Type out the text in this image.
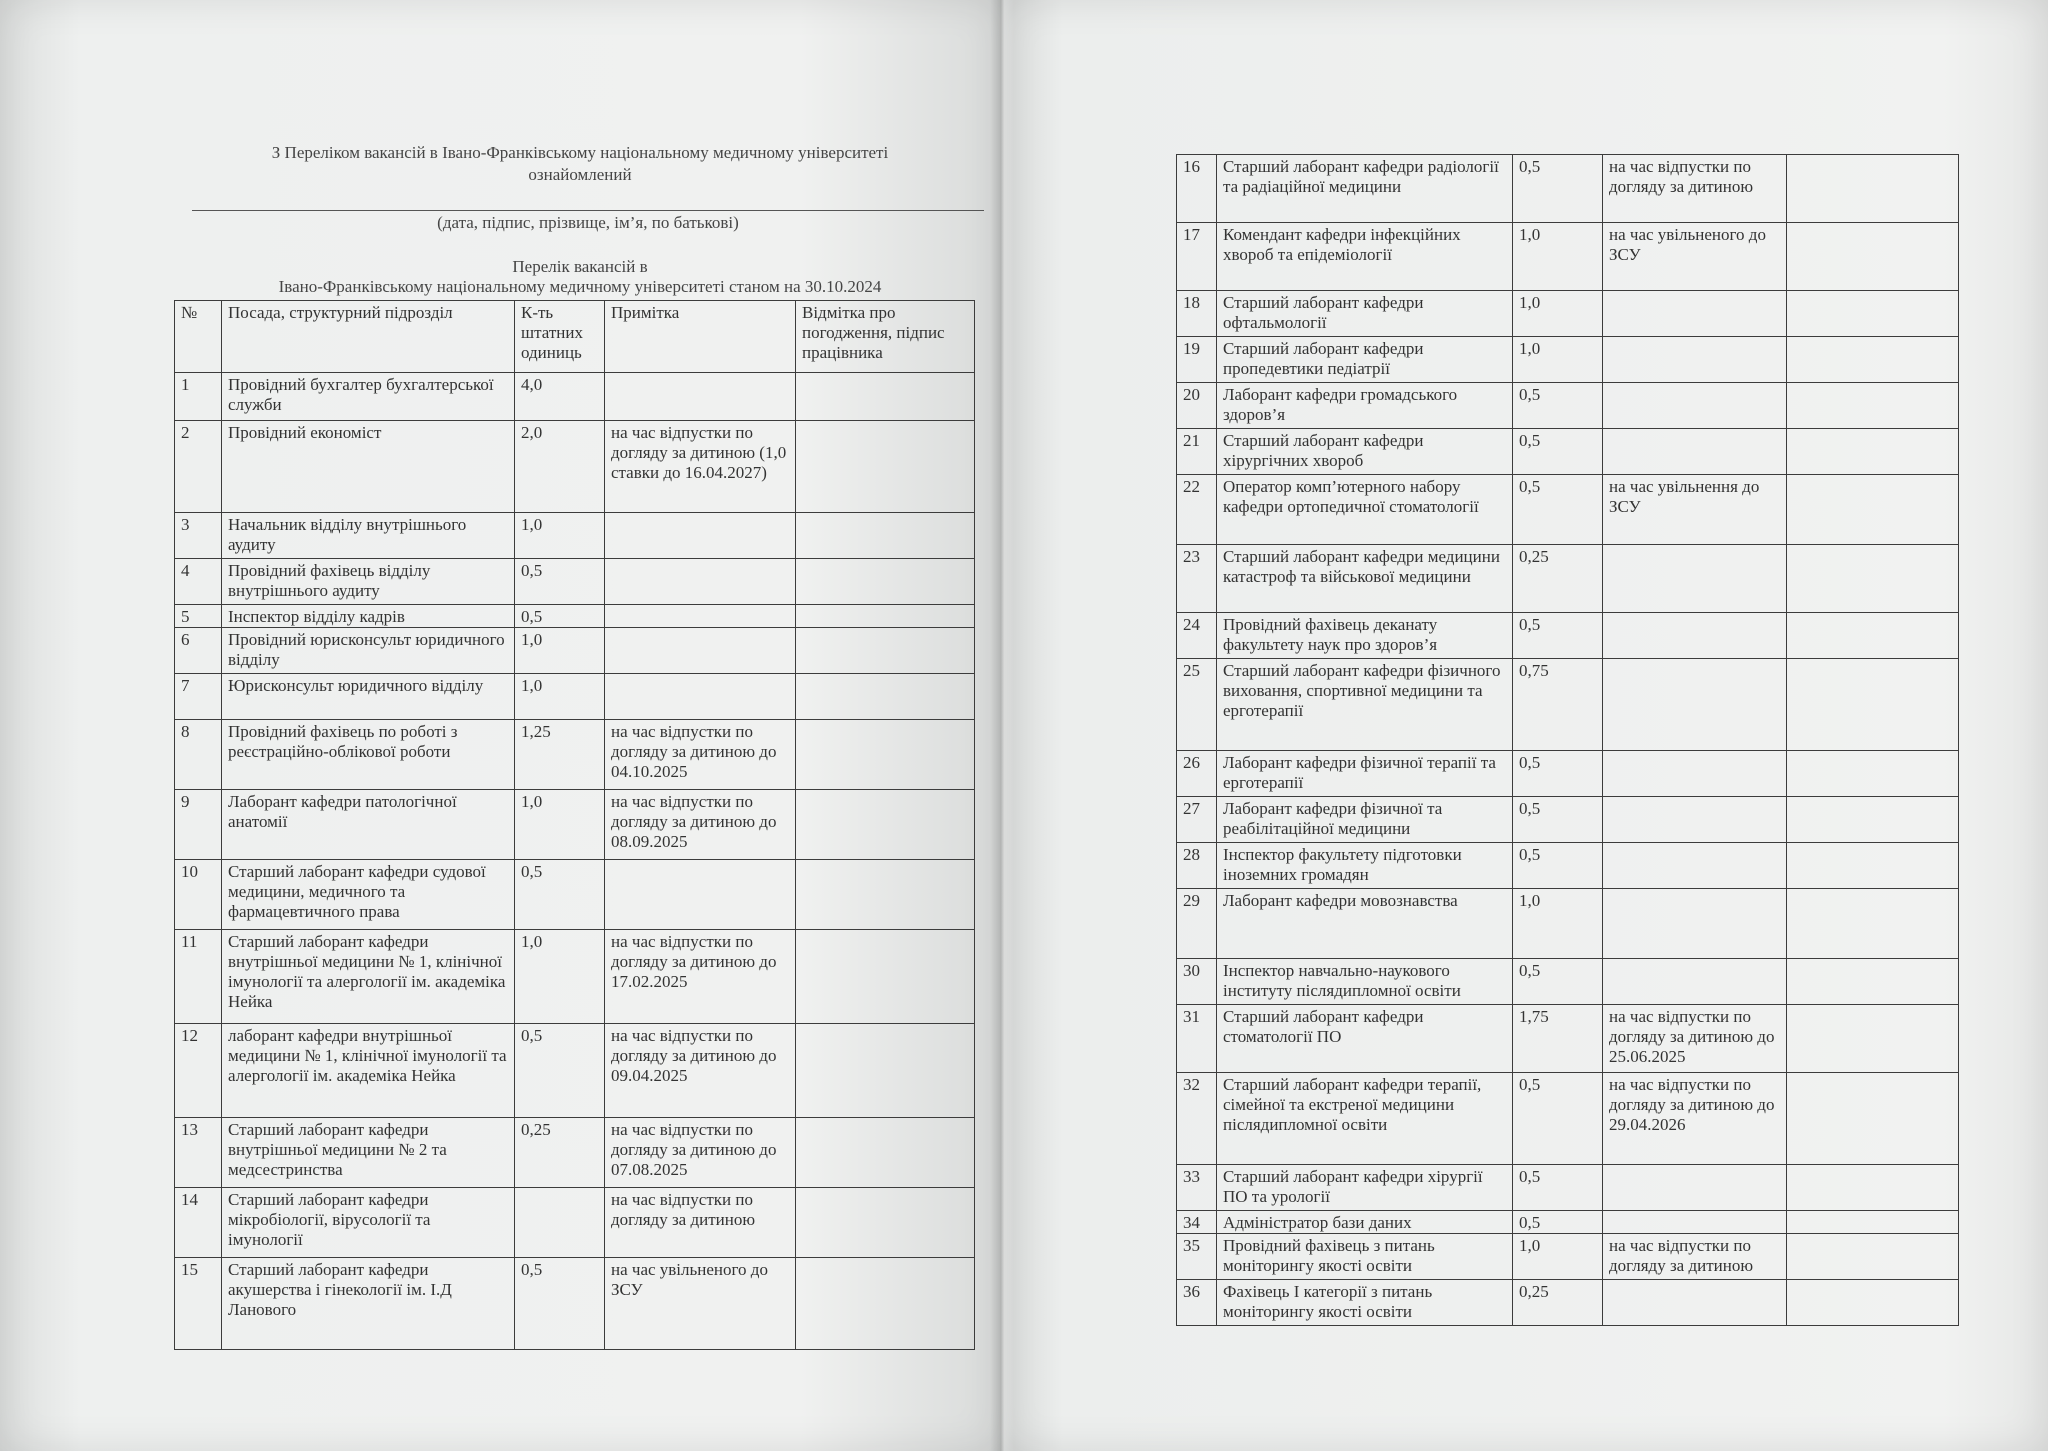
З Переліком вакансій в Івано-Франківському національному медичному університеті
ознайомлений
(дата, підпис, прізвище, ім’я, по батькові)
Перелік вакансій в
Івано-Франківському національному медичному університеті станом на 30.10.2024
№	Посада, структурний підрозділ	К-ть штатних одиниць	Примітка	Відмітка про погодження, підпис працівника
1	Провідний бухгалтер бухгалтерської служби	4,0		
2	Провідний економіст	2,0	на час відпустки по догляду за дитиною (1,0 ставки до 16.04.2027)	
3	Начальник відділу внутрішнього аудиту	1,0		
4	Провідний фахівець відділу внутрішнього аудиту	0,5		
5	Інспектор відділу кадрів	0,5		
6	Провідний юрисконсульт юридичного відділу	1,0		
7	Юрисконсульт юридичного відділу	1,0		
8	Провідний фахівець по роботі з реєстраційно-облікової роботи	1,25	на час відпустки по догляду за дитиною до 04.10.2025	
9	Лаборант кафедри патологічної анатомії	1,0	на час відпустки по догляду за дитиною до 08.09.2025	
10	Старший лаборант кафедри судової медицини, медичного та фармацевтичного права	0,5		
11	Старший лаборант кафедри внутрішньої медицини № 1, клінічної імунології та алергології ім. академіка Нейка	1,0	на час відпустки по догляду за дитиною до 17.02.2025	
12	лаборант кафедри внутрішньої медицини № 1, клінічної імунології та алергології ім. академіка Нейка	0,5	на час відпустки по догляду за дитиною до 09.04.2025	
13	Старший лаборант кафедри внутрішньої медицини № 2 та медсестринства	0,25	на час відпустки по догляду за дитиною до 07.08.2025	
14	Старший лаборант кафедри мікробіології, вірусології та імунології		на час відпустки по догляду за дитиною	
15	Старший лаборант кафедри акушерства і гінекології ім. І.Д Ланового	0,5	на час увільненого до ЗСУ	
16	Старший лаборант кафедри радіології та радіаційної медицини	0,5	на час відпустки по догляду за дитиною	
17	Комендант кафедри інфекційних хвороб та епідеміології	1,0	на час увільненого до ЗСУ	
18	Старший лаборант кафедри офтальмології	1,0		
19	Старший лаборант кафедри пропедевтики педіатрії	1,0		
20	Лаборант кафедри громадського здоров’я	0,5		
21	Старший лаборант кафедри хірургічних хвороб	0,5		
22	Оператор комп’ютерного набору кафедри ортопедичної стоматології	0,5	на час увільнення до ЗСУ	
23	Старший лаборант кафедри медицини катастроф та військової медицини	0,25		
24	Провідний фахівець деканату факультету наук про здоров’я	0,5		
25	Старший лаборант кафедри фізичного виховання, спортивної медицини та ерготерапії	0,75		
26	Лаборант кафедри фізичної терапії та ерготерапії	0,5		
27	Лаборант кафедри фізичної та реабілітаційної медицини	0,5		
28	Інспектор факультету підготовки іноземних громадян	0,5		
29	Лаборант кафедри мовознавства	1,0		
30	Інспектор навчально-наукового інституту післядипломної освіти	0,5		
31	Старший лаборант кафедри стоматології ПО	1,75	на час відпустки по догляду за дитиною до 25.06.2025	
32	Старший лаборант кафедри терапії, сімейної та екстреної медицини післядипломної освіти	0,5	на час відпустки по догляду за дитиною до 29.04.2026	
33	Старший лаборант кафедри хірургії ПО та урології	0,5		
34	Адміністратор бази даних	0,5		
35	Провідний фахівець з питань моніторингу якості освіти	1,0	на час відпустки по догляду за дитиною	
36	Фахівець І категорії з питань моніторингу якості освіти	0,25		
